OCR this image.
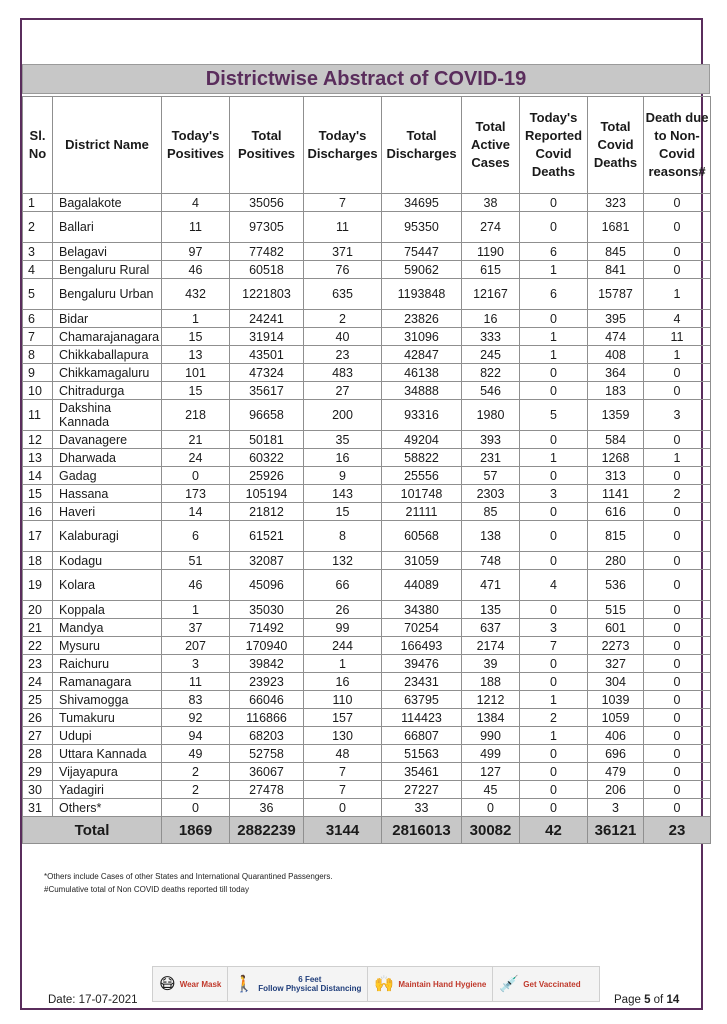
Districtwise Abstract of COVID-19
Sl. No	District Name	Today's Positives	Total Positives	Today's Discharges	Total Discharges	Total Active Cases	Today's Reported Covid Deaths	Total Covid Deaths	Death due to Non-Covid reasons#
1	Bagalakote	4	35056	7	34695	38	0	323	0
2	Ballari	11	97305	11	95350	274	0	1681	0
3	Belagavi	97	77482	371	75447	1190	6	845	0
4	Bengaluru Rural	46	60518	76	59062	615	1	841	0
5	Bengaluru Urban	432	1221803	635	1193848	12167	6	15787	1
6	Bidar	1	24241	2	23826	16	0	395	4
7	Chamarajanagara	15	31914	40	31096	333	1	474	11
8	Chikkaballapura	13	43501	23	42847	245	1	408	1
9	Chikkamagaluru	101	47324	483	46138	822	0	364	0
10	Chitradurga	15	35617	27	34888	546	0	183	0
11	Dakshina Kannada	218	96658	200	93316	1980	5	1359	3
12	Davanagere	21	50181	35	49204	393	0	584	0
13	Dharwada	24	60322	16	58822	231	1	1268	1
14	Gadag	0	25926	9	25556	57	0	313	0
15	Hassana	173	105194	143	101748	2303	3	1141	2
16	Haveri	14	21812	15	21111	85	0	616	0
17	Kalaburagi	6	61521	8	60568	138	0	815	0
18	Kodagu	51	32087	132	31059	748	0	280	0
19	Kolara	46	45096	66	44089	471	4	536	0
20	Koppala	1	35030	26	34380	135	0	515	0
21	Mandya	37	71492	99	70254	637	3	601	0
22	Mysuru	207	170940	244	166493	2174	7	2273	0
23	Raichuru	3	39842	1	39476	39	0	327	0
24	Ramanagara	11	23923	16	23431	188	0	304	0
25	Shivamogga	83	66046	110	63795	1212	1	1039	0
26	Tumakuru	92	116866	157	114423	1384	2	1059	0
27	Udupi	94	68203	130	66807	990	1	406	0
28	Uttara Kannada	49	52758	48	51563	499	0	696	0
29	Vijayapura	2	36067	7	35461	127	0	479	0
30	Yadagiri	2	27478	7	27227	45	0	206	0
31	Others*	0	36	0	33	0	0	3	0
Total		1869	2882239	3144	2816013	30082	42	36121	23
*Others include Cases of other States and International Quarantined Passengers.
#Cumulative total of Non COVID deaths reported till today
😷 Wear Mask 🚶	6 Feet
Follow Physical Distancing 🙌 Maintain Hand Hygiene 💉 Get Vaccinated
Date: 17-07-2021	Page 5 of 14
